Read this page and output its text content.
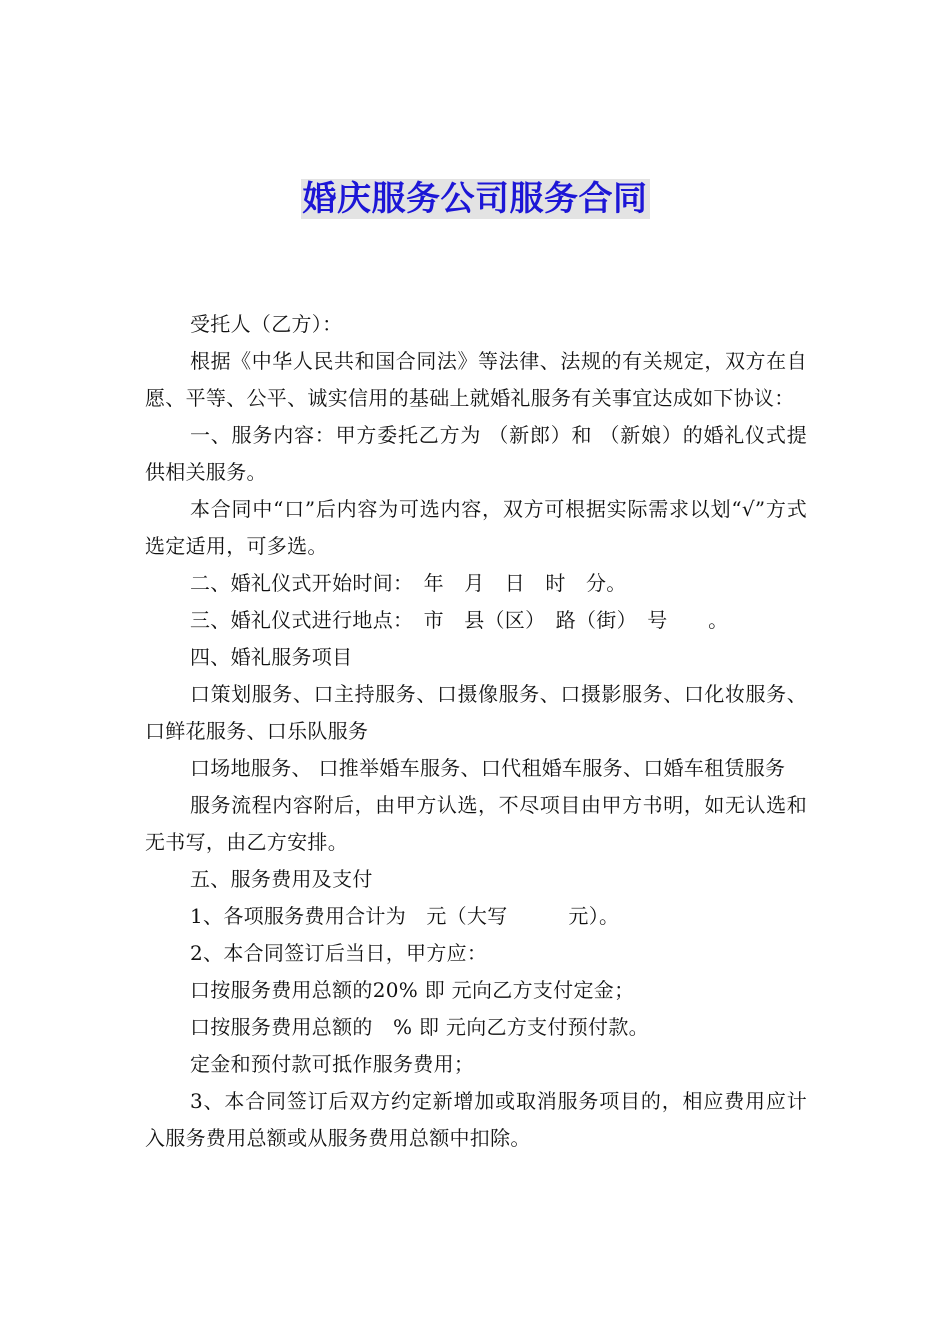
婚庆服务公司服务合同

受托人（乙方）：

根据《中华人民共和国合同法》等法律、法规的有关规定，双方在自愿、平等、公平、诚实信用的基础上就婚礼服务有关事宜达成如下协议：

一、服务内容：甲方委托乙方为 （新郎）和 （新娘）的婚礼仪式提供相关服务。

本合同中“口”后内容为可选内容，双方可根据实际需求以划“√”方式选定适用，可多选。

二、婚礼仪式开始时间：　年　月　日　时　分。

三、婚礼仪式进行地点：　市　县（区）　路（街）　号　　。

四、婚礼服务项目

口策划服务、口主持服务、口摄像服务、口摄影服务、口化妆服务、口鲜花服务、口乐队服务

口场地服务、 口推举婚车服务、口代租婚车服务、口婚车租赁服务

服务流程内容附后，由甲方认选，不尽项目由甲方书明，如无认选和无书写，由乙方安排。

五、服务费用及支付

1、各项服务费用合计为　元（大写　　　元）。

2、本合同签订后当日，甲方应：

口按服务费用总额的20% 即 元向乙方支付定金；

口按服务费用总额的　% 即 元向乙方支付预付款。

定金和预付款可抵作服务费用；

3、本合同签订后双方约定新增加或取消服务项目的，相应费用应计入服务费用总额或从服务费用总额中扣除。
